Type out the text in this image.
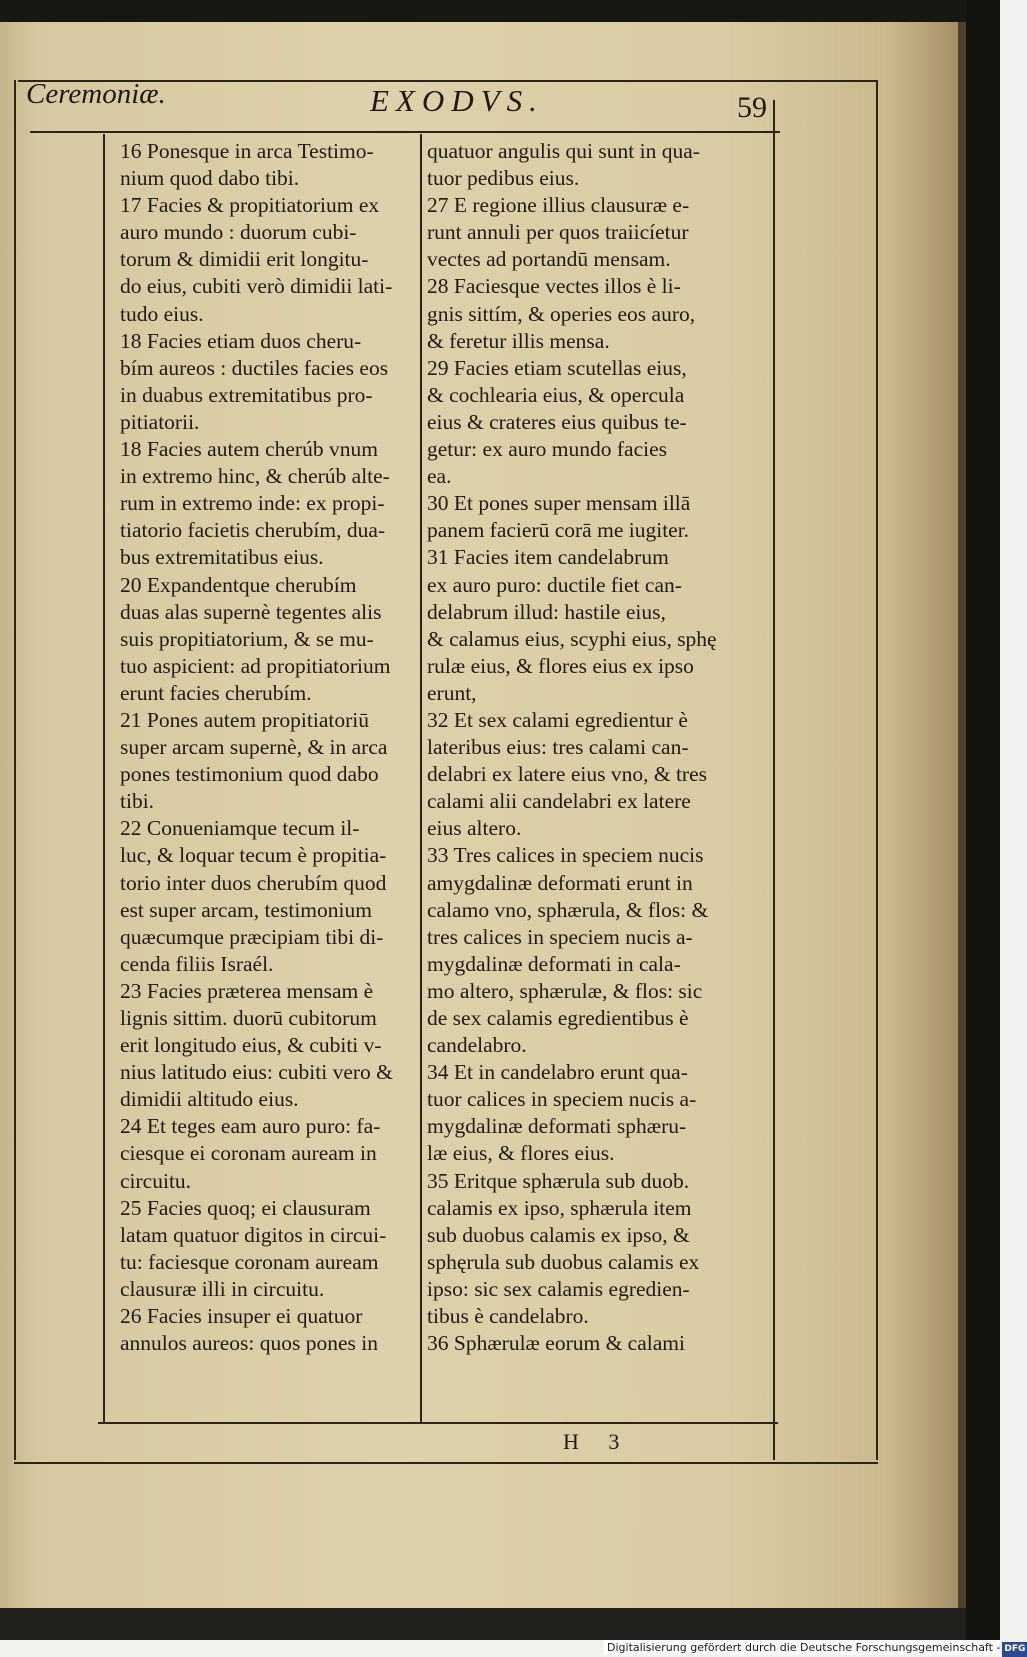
Ceremoniæ.	EXODVS.	59
16 Ponesque in arca Testimo-
nium quod dabo tibi.
17 Facies & propitiatorium ex
auro mundo : duorum cubi-
torum & dimidii erit longitu-
do eius, cubiti verò dimidii lati-
tudo eius.
18 Facies etiam duos cheru-
bím aureos : ductiles facies eos
in duabus extremitatibus pro-
pitiatorii.
18 Facies autem cherúb vnum
in extremo hinc, & cherúb alte-
rum in extremo inde: ex propi-
tiatorio facietis cherubím, dua-
bus extremitatibus eius.
20 Expandentque cherubím
duas alas supernè tegentes alis
suis propitiatorium, & se mu-
tuo aspicient: ad propitiatorium
erunt facies cherubím.
21 Pones autem propitiatoriū
super arcam supernè, & in arca
pones testimonium quod dabo
tibi.
22 Conueniamque tecum il-
luc, & loquar tecum è propitia-
torio inter duos cherubím quod
est super arcam, testimonium
quæcumque præcipiam tibi di-
cenda filiis Israél.
23 Facies præterea mensam è
lignis sittim. duorū cubitorum
erit longitudo eius, & cubiti v-
nius latitudo eius: cubiti vero &
dimidii altitudo eius.
24 Et teges eam auro puro: fa-
ciesque ei coronam auream in
circuitu.
25 Facies quoq; ei clausuram
latam quatuor digitos in circui-
tu: faciesque coronam auream
clausuræ illi in circuitu.
26 Facies insuper ei quatuor
annulos aureos: quos pones in
quatuor angulis qui sunt in qua-
tuor pedibus eius.
27 E regione illius clausuræ e-
runt annuli per quos traiicíetur
vectes ad portandū mensam.
28 Faciesque vectes illos è li-
gnis sittím, & operies eos auro,
& feretur illis mensa.
29 Facies etiam scutellas eius,
& cochlearia eius, & opercula
eius & crateres eius quibus te-
getur: ex auro mundo facies
ea.
30 Et pones super mensam illā
panem facierū corā me iugiter.
31 Facies item candelabrum
ex auro puro: ductile fiet can-
delabrum illud: hastile eius,
& calamus eius, scyphi eius, sphę
rulæ eius, & flores eius ex ipso
erunt,
32 Et sex calami egredientur è
lateribus eius: tres calami can-
delabri ex latere eius vno, & tres
calami alii candelabri ex latere
eius altero.
33 Tres calices in speciem nucis
amygdalinæ deformati erunt in
calamo vno, sphærula, & flos: &
tres calices in speciem nucis a-
mygdalinæ deformati in cala-
mo altero, sphærulæ, & flos: sic
de sex calamis egredientibus è
candelabro.
34 Et in candelabro erunt qua-
tuor calices in speciem nucis a-
mygdalinæ deformati sphæru-
læ eius, & flores eius.
35 Eritque sphærula sub duob.
calamis ex ipso, sphærula item
sub duobus calamis ex ipso, &
sphęrula sub duobus calamis ex
ipso: sic sex calamis egredien-
tibus è candelabro.
36 Sphærulæ eorum & calami
H 3
Digitalisierung gefördert durch die Deutsche Forschungsgemeinschaft - DFG
